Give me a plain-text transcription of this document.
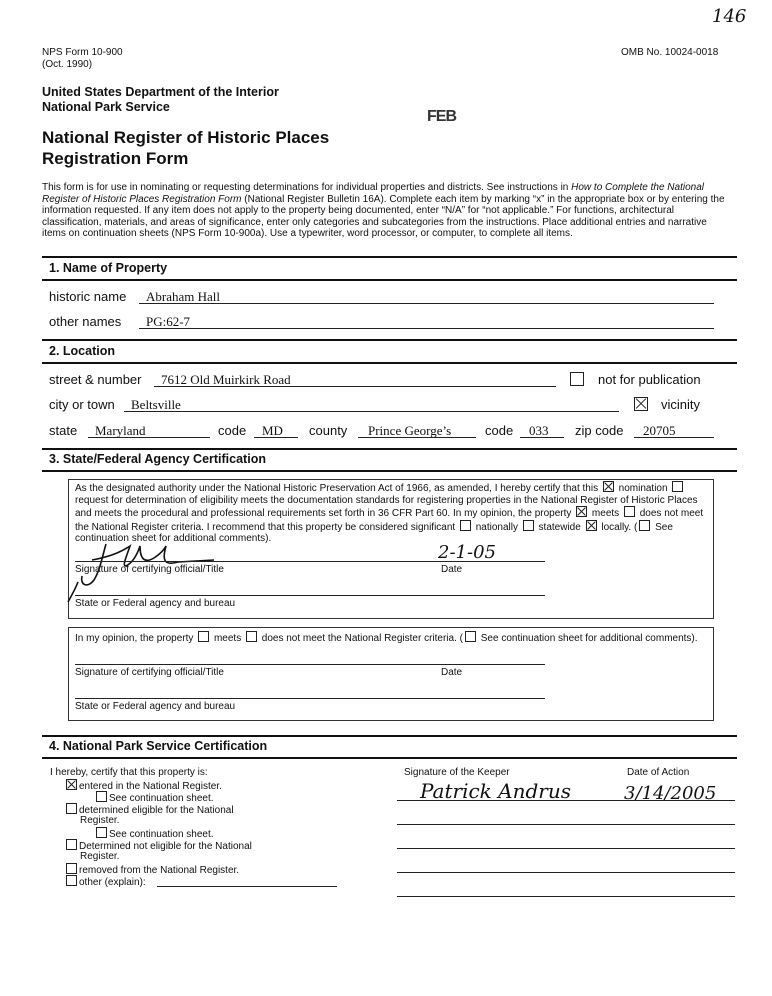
146
NPS Form 10-900
(Oct. 1990)
OMB No. 10024-0018
FEB
United States Department of the Interior
National Park Service
National Register of Historic Places
Registration Form
This form is for use in nominating or requesting determinations for individual properties and districts. See instructions in How to Complete the National Register of Historic Places Registration Form (National Register Bulletin 16A). Complete each item by marking “x” in the appropriate box or by entering the information requested. If any item does not apply to the property being documented, enter “N/A” for “not applicable.” For functions, architectural classification, materials, and areas of significance, enter only categories and subcategories from the instructions. Place additional entries and narrative items on continuation sheets (NPS Form 10-900a). Use a typewriter, word processor, or computer, to complete all items.
1. Name of Property
historic name Abraham Hall
other names PG:62-7
2. Location
street & number 7612 Old Muirkirk Road	not for publication
city or town Beltsville	vicinity
state Maryland	code MD county Prince George’s	code 033 zip code 20705
3. State/Federal Agency Certification
As the designated authority under the National Historic Preservation Act of 1966, as amended, I hereby certify that this  nomination  request for determination of eligibility meets the documentation standards for registering properties in the National Register of Historic Places and meets the procedural and professional requirements set forth in 36 CFR Part 60. In my opinion, the property  meets  does not meet the National Register criteria. I recommend that this property be considered significant  nationally  statewide  locally. ( See continuation sheet for additional comments).
2-1-05
Signature of certifying official/Title	Date
State or Federal agency and bureau
In my opinion, the property  meets  does not meet the National Register criteria. ( See continuation sheet for additional comments).
Signature of certifying official/Title	Date
State or Federal agency and bureau
4. National Park Service Certification
I hereby, certify that this property is:
entered in the National Register.
See continuation sheet.
determined eligible for the National
Register.
See continuation sheet.
Determined not eligible for the National
Register.
removed from the National Register.
other (explain):
Signature of the Keeper	Date of Action
Patrick Andrus	3/14/2005
